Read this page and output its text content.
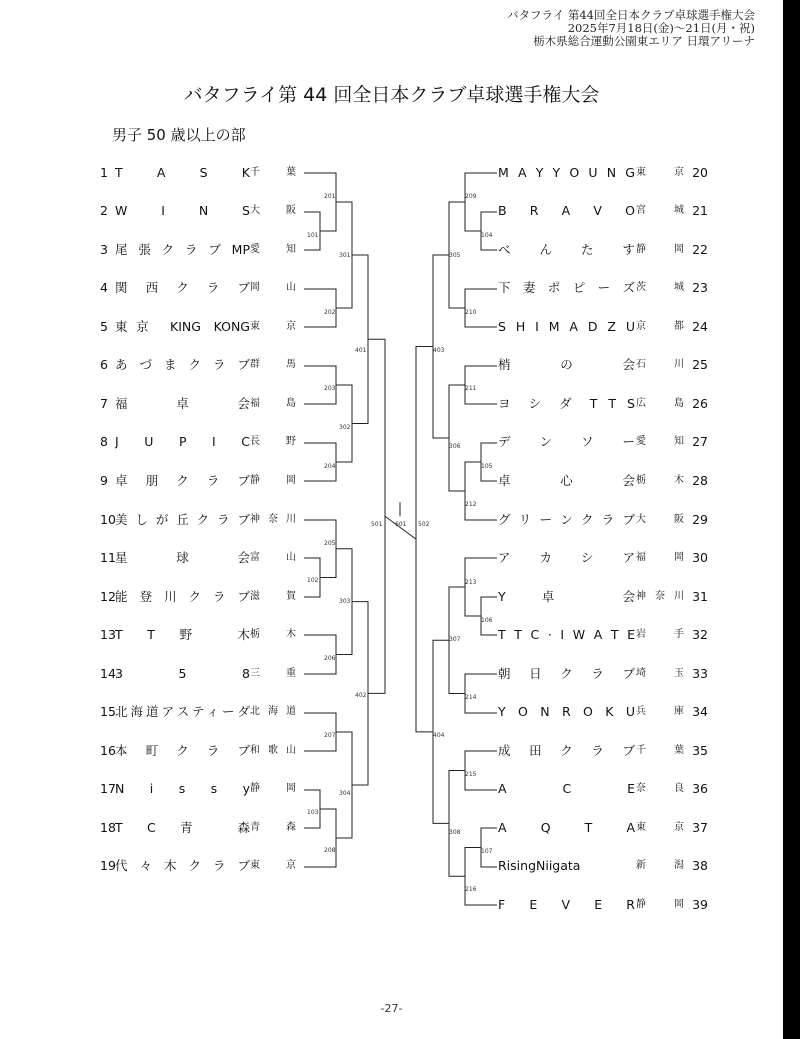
バタフライ 第44回全日本クラブ卓球選手権大会
2025年7月18日(金)～21日(月・祝)
栃木県総合運動公園東エリア 日環アリーナ
バタフライ第 44 回全日本クラブ卓球選手権大会
男子 50 歳以上の部
201
101
301
202
401
203
302
204
501
205
102
303
206
402
207
304
103
208
601
209
104
305
210
403
211
306
105
212
502
213
106
307
214
404
215
308
107
216
1 T A S K 千 葉
2 W I N S 大 阪
3 尾張クラブMP 愛 知
4 関 西 ク ラ ブ 岡 山
5 東京 KING KONG 東 京
6 あ づ ま ク ラ ブ 群 馬
7 福 卓 会 福 島
8 J U P I C 長 野
9 卓 朋 ク ラ ブ 静 岡
10 美しが丘クラブ 神奈川
11 星 球 会 富 山
12 能 登 川 ク ラ ブ 滋 賀
13 T T 野 木 栃 木
14 3 5 8 三 重
15 北海道アスティーダ 北海道
16 本 町 ク ラ ブ 和歌山
17 N i s s y 静 岡
18 T C 青 森 青 森
19 代 々 木 ク ラ ブ 東 京
M A Y Y O U N G 東 京 20
B R A V O 宮 城 21
べ ん た す 静 岡 22
下 妻 ポ ピ ー ズ 茨 城 23
S H I M A D Z U 京 都 24
梢 の 会 石 川 25
ヨ シ ダ T T S 広 島 26
デ ン ソ ー 愛 知 27
卓 心 会 栃 木 28
グ リ ー ン ク ラ ブ 大 阪 29
ア カ シ ア 福 岡 30
Y 卓 会 神奈川 31
T T C · I W A T E 岩 手 32
朝 日 ク ラ ブ 埼 玉 33
Y O N R O K U 兵 庫 34
成 田 ク ラ ブ 千 葉 35
A C E 奈 良 36
A Q T A 東 京 37
RisingNiigata	新 潟 38
F E V E R 静 岡 39
-27-
